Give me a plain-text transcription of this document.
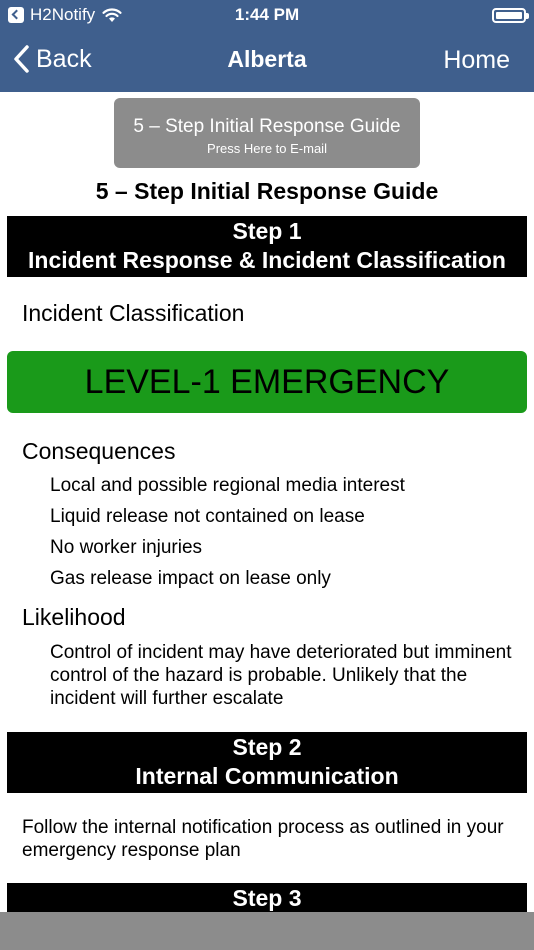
H2Notify	1:44 PM
Back	Alberta	Home
5 – Step Initial Response Guide
Press Here to E-mail
5 – Step Initial Response Guide
Step 1
Incident Response & Incident Classification
Incident Classification
LEVEL-1 EMERGENCY
Consequences
Local and possible regional media interest
Liquid release not contained on lease
No worker injuries
Gas release impact on lease only
Likelihood
Control of incident may have deteriorated but imminent control of the hazard is probable. Unlikely that the incident will further escalate
Step 2
Internal Communication
Follow the internal notification process as outlined in your emergency response plan
Step 3
